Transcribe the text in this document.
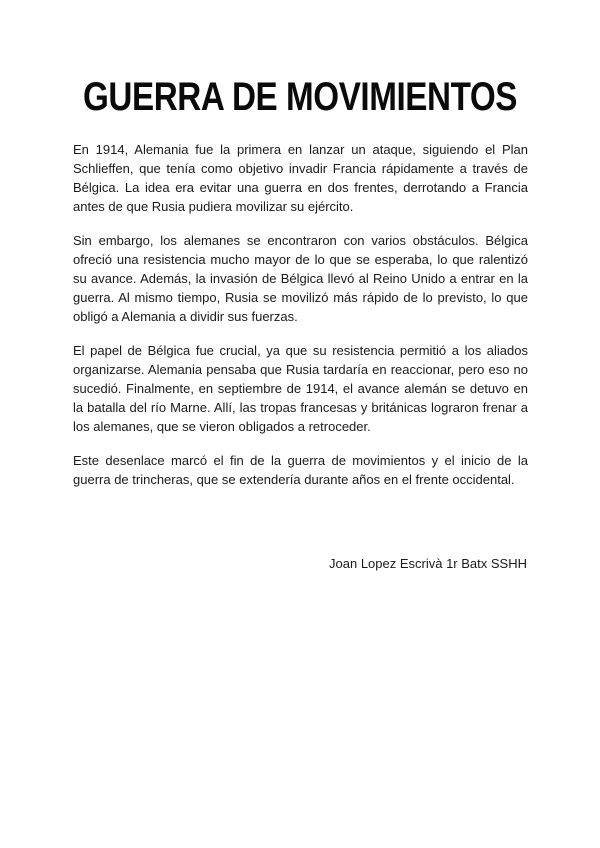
GUERRA DE MOVIMIENTOS

En 1914, Alemania fue la primera en lanzar un ataque, siguiendo el Plan Schlieffen, que tenía como objetivo invadir Francia rápidamente a través de Bélgica. La idea era evitar una guerra en dos frentes, derrotando a Francia antes de que Rusia pudiera movilizar su ejército.

Sin embargo, los alemanes se encontraron con varios obstáculos. Bélgica ofreció una resistencia mucho mayor de lo que se esperaba, lo que ralentizó su avance. Además, la invasión de Bélgica llevó al Reino Unido a entrar en la guerra. Al mismo tiempo, Rusia se movilizó más rápido de lo previsto, lo que obligó a Alemania a dividir sus fuerzas.

El papel de Bélgica fue crucial, ya que su resistencia permitió a los aliados organizarse. Alemania pensaba que Rusia tardaría en reaccionar, pero eso no sucedió. Finalmente, en septiembre de 1914, el avance alemán se detuvo en la batalla del río Marne. Allí, las tropas francesas y británicas lograron frenar a los alemanes, que se vieron obligados a retroceder.

Este desenlace marcó el fin de la guerra de movimientos y el inicio de la guerra de trincheras, que se extendería durante años en el frente occidental.

Joan Lopez Escrivà 1r Batx SSHH
